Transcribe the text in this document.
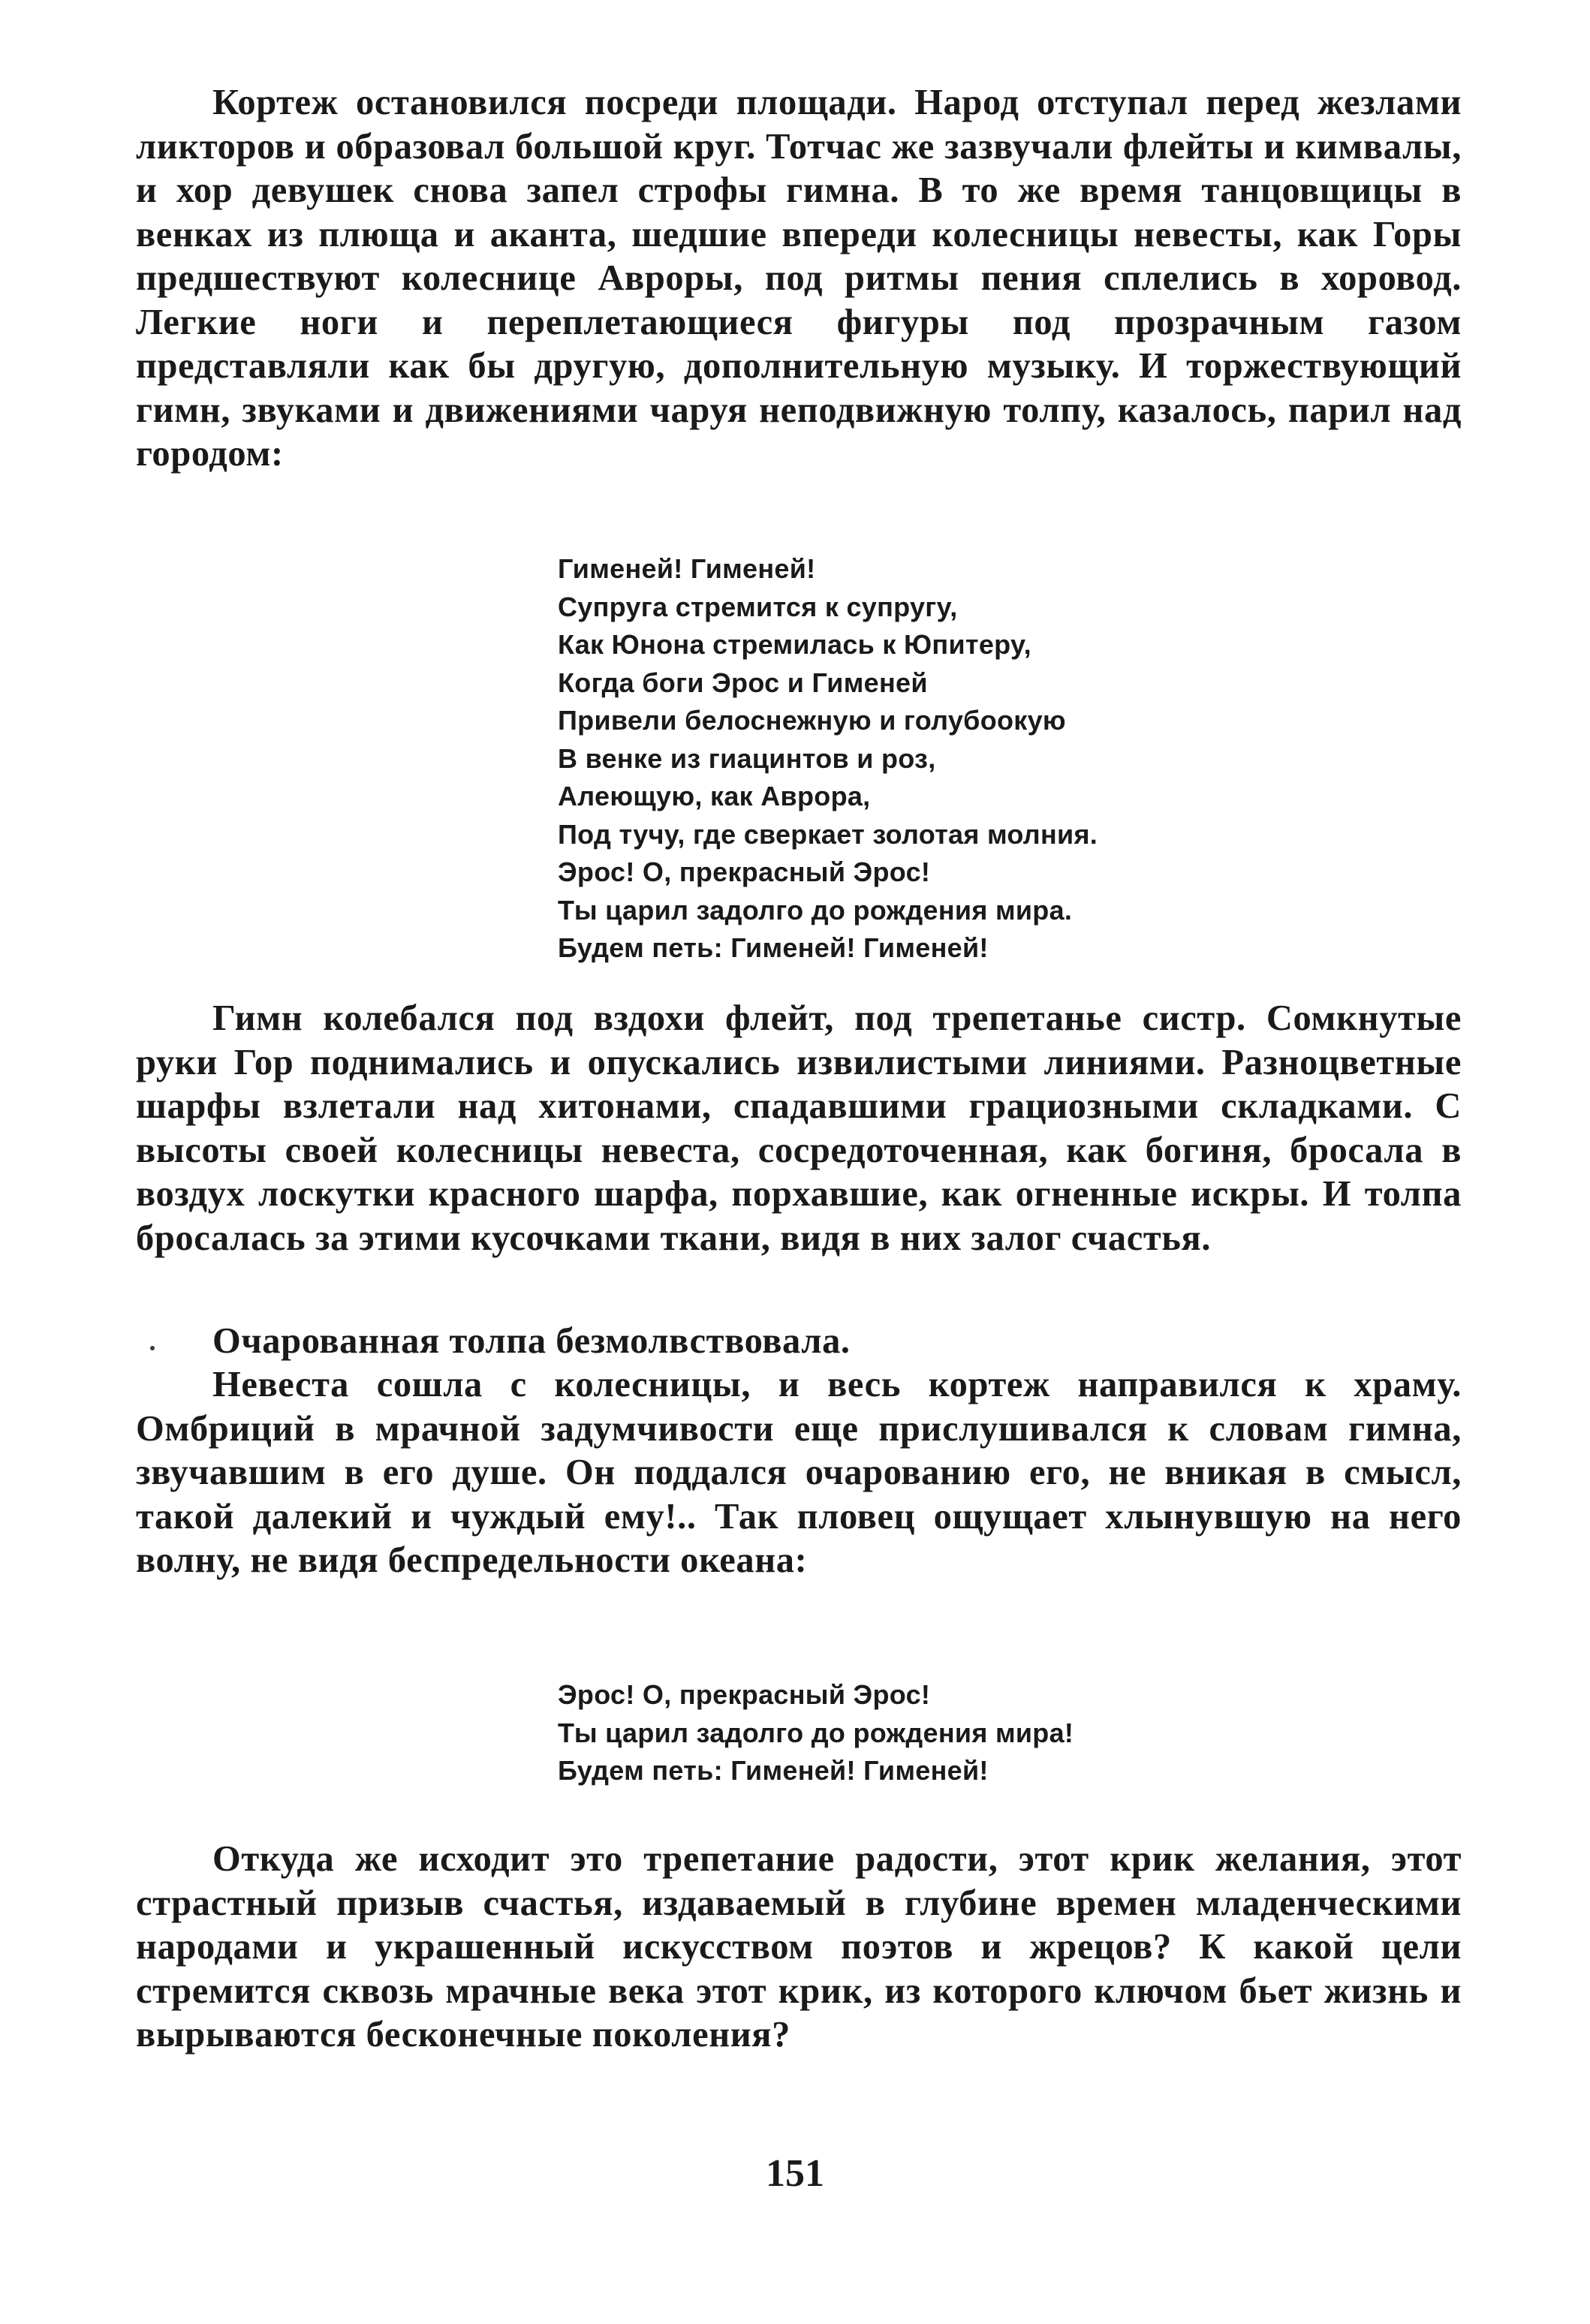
Кортеж остановился посреди площади. Народ отступал перед жезлами ликторов и образовал большой круг. Тотчас же зазвучали флейты и кимвалы, и хор девушек снова запел строфы гимна. В то же время танцовщицы в венках из плюща и аканта, шедшие впереди колесницы невесты, как Горы предшествуют колеснице Авроры, под ритмы пения сплелись в хоровод. Легкие ноги и переплетающиеся фигуры под прозрачным газом представляли как бы другую, дополнительную музыку. И торжествующий гимн, звуками и движениями чаруя неподвижную толпу, казалось, парил над городом:

Гименей! Гименей!
Супруга стремится к супругу,
Как Юнона стремилась к Юпитеру,
Когда боги Эрос и Гименей
Привели белоснежную и голубоокую
В венке из гиацинтов и роз,
Алеющую, как Аврора,
Под тучу, где сверкает золотая молния.
Эрос! О, прекрасный Эрос!
Ты царил задолго до рождения мира.
Будем петь: Гименей! Гименей!

Гимн колебался под вздохи флейт, под трепетанье систр. Сомкнутые руки Гор поднимались и опускались извилистыми линиями. Разноцветные шарфы взлетали над хитонами, спадавшими грациозными складками. С высоты своей колесницы невеста, сосредоточенная, как богиня, бросала в воздух лоскутки красного шарфа, порхавшие, как огненные искры. И толпа бросалась за этими кусочками ткани, видя в них залог счастья.

Очарованная толпа безмолвствовала.

Невеста сошла с колесницы, и весь кортеж направился к храму. Омбриций в мрачной задумчивости еще прислушивался к словам гимна, звучавшим в его душе. Он поддался очарованию его, не вникая в смысл, такой далекий и чуждый ему!.. Так пловец ощущает хлынувшую на него волну, не видя беспредельности океана:

Эрос! О, прекрасный Эрос!
Ты царил задолго до рождения мира!
Будем петь: Гименей! Гименей!

Откуда же исходит это трепетание радости, этот крик желания, этот страстный призыв счастья, издаваемый в глубине времен младенческими народами и украшенный искусством поэтов и жрецов? К какой цели стремится сквозь мрачные века этот крик, из которого ключом бьет жизнь и вырываются бесконечные поколения?

151
